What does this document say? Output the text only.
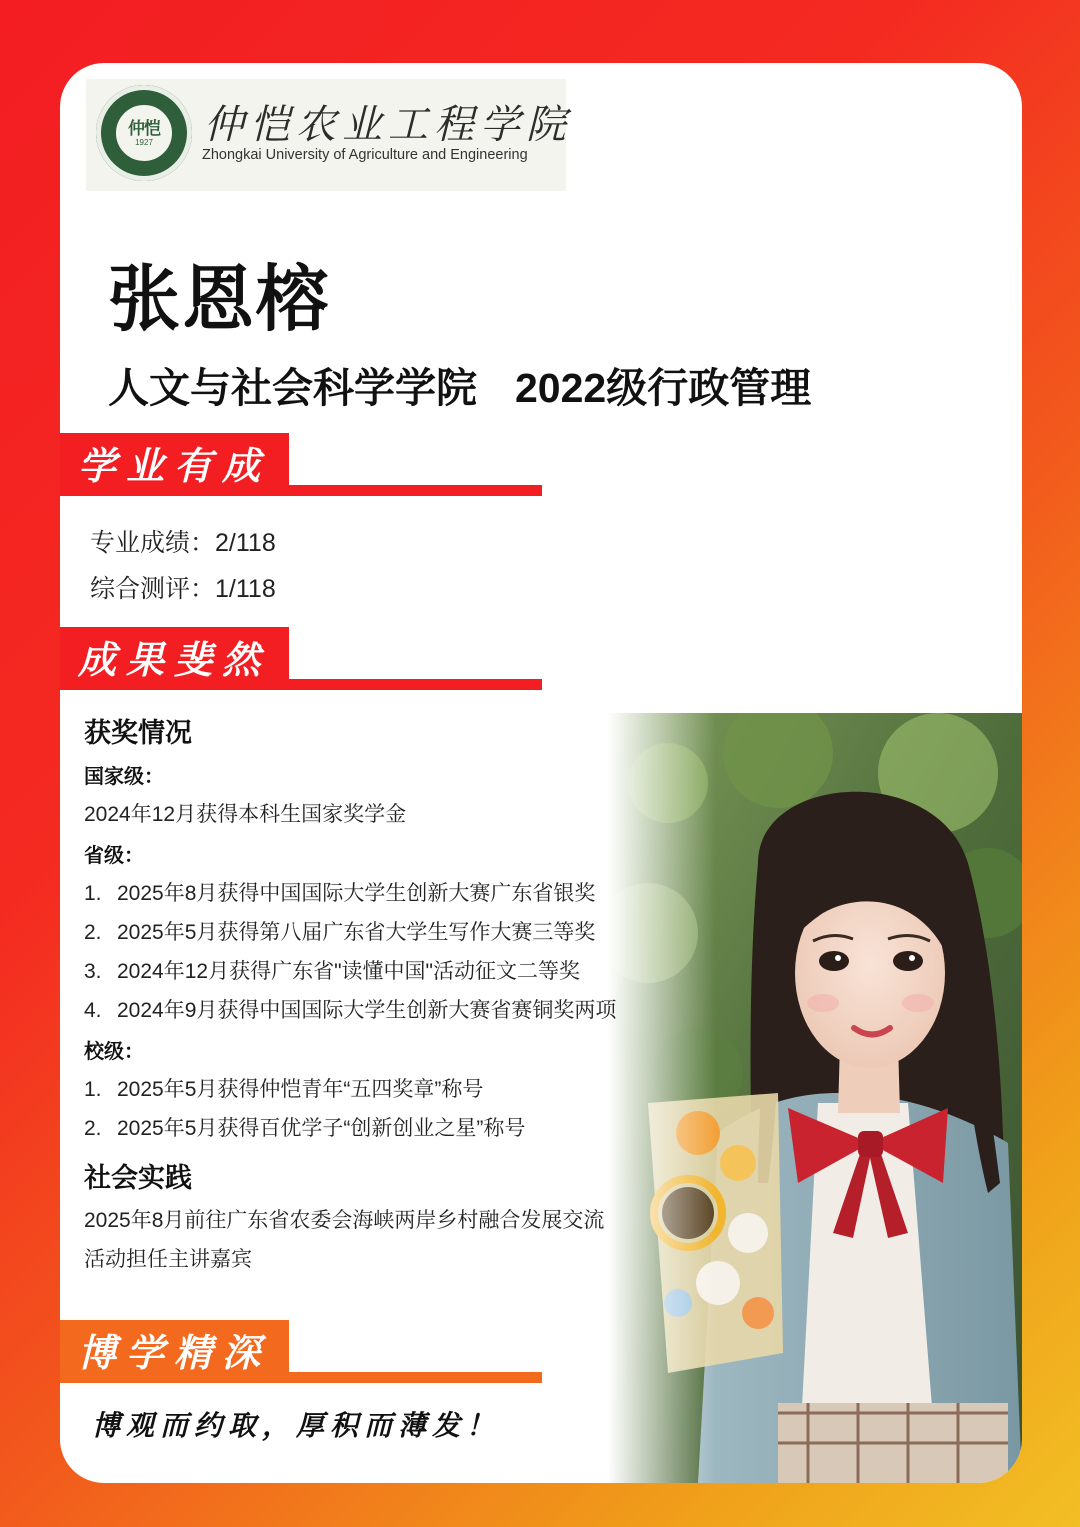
仲恺
1927 仲恺农业工程学院
Zhongkai University of Agriculture and Engineering
张恩榕
人文与社会科学学院 2022级行政管理
学业有成
专业成绩：2/118
综合测评：1/118
成果斐然
获奖情况
国家级：
2024年12月获得本科生国家奖学金
省级：
1. 2025年8月获得中国国际大学生创新大赛广东省银奖
2. 2025年5月获得第八届广东省大学生写作大赛三等奖
3. 2024年12月获得广东省"读懂中国"活动征文二等奖
4. 2024年9月获得中国国际大学生创新大赛省赛铜奖两项
校级：
1. 2025年5月获得仲恺青年“五四奖章”称号
2. 2025年5月获得百优学子“创新创业之星”称号
社会实践
2025年8月前往广东省农委会海峡两岸乡村融合发展交流
活动担任主讲嘉宾
博学精深
博观而约取，厚积而薄发！
